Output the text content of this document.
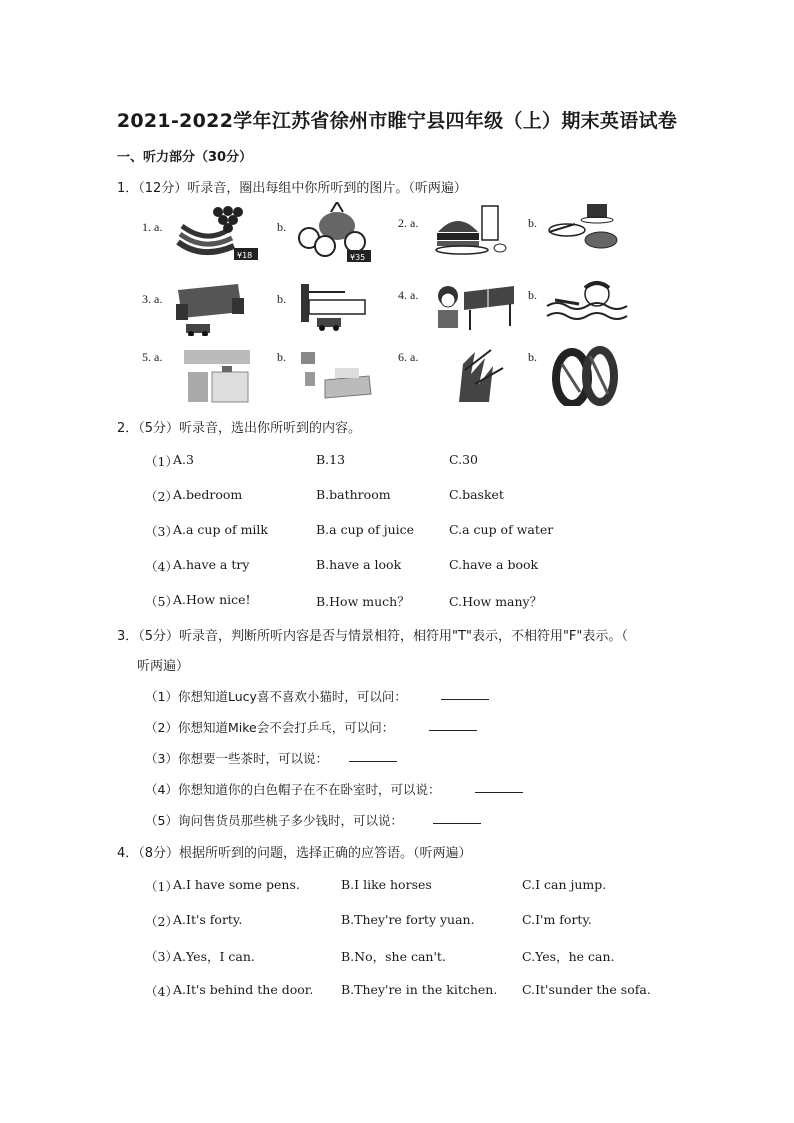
2021-2022学年江苏省徐州市睢宁县四年级（上）期末英语试卷
一、听力部分（30分）
1．（12分）听录音，圈出每组中你所听到的图片。（听两遍）
1. a.
¥18
b.
¥35
2. a.	b.
3. a.	b.	4. a.	b.
5. a.	b.	6. a.	b.
2．（5分）听录音，选出你所听到的内容。
（1）
A.3	B.13	C.30
（2）
A.bedroom	B.bathroom	C.basket
（3）
A.a cup of milk	B.a cup of juice	C.a cup of water
（4）
A.have a try	B.have a look	C.have a book
（5）
A.How nice!	B.How much？	C.How many？
3．（5分）听录音，判断所听内容是否与情景相符，相符用"T"表示，不相符用"F"表示。（
听两遍）
（1）你想知道Lucy喜不喜欢小猫时，可以问：
（2）你想知道Mike会不会打乒乓，可以问：
（3）你想要一些茶时，可以说：
（4）你想知道你的白色帽子在不在卧室时，可以说：
（5）询问售货员那些桃子多少钱时，可以说：
4．（8分）根据所听到的问题，选择正确的应答语。（听两遍）
（1）
A.I have some pens.	B.I like horses	C.I can jump.
（2）
A.It's forty.	B.They're forty yuan.	C.I'm forty.
（3）
A.Yes，I can.	B.No，she can't.	C.Yes，he can.
（4）
A.It's behind the door. B.They're in the kitchen. C.It'sunder the sofa.
